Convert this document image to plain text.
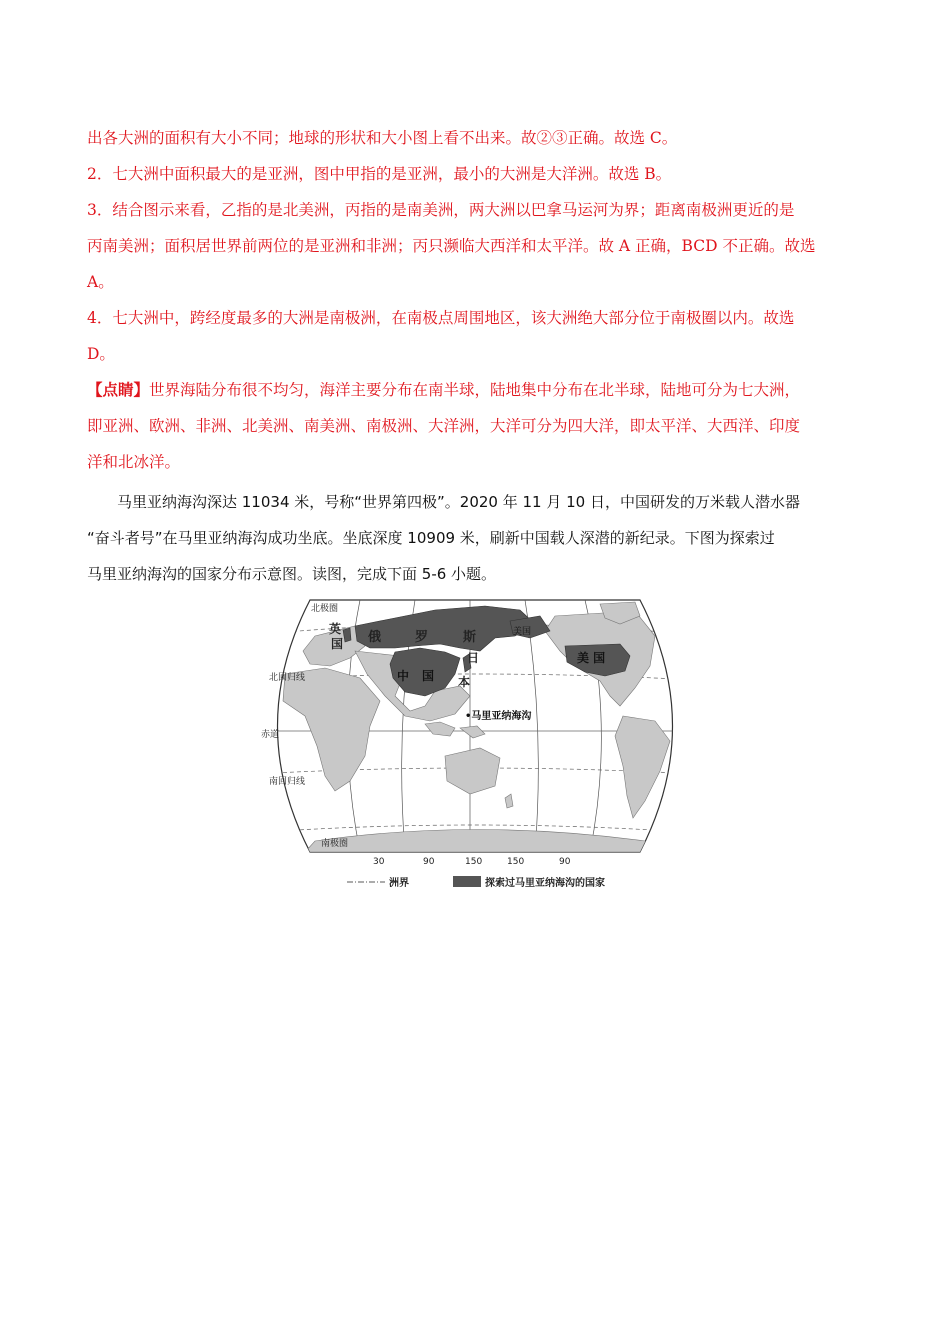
出各大洲的面积有大小不同；地球的形状和大小图上看不出来。故②③正确。故选 C。
2．七大洲中面积最大的是亚洲，图中甲指的是亚洲，最小的大洲是大洋洲。故选 B。
3．结合图示来看，乙指的是北美洲，丙指的是南美洲，两大洲以巴拿马运河为界；距离南极洲更近的是
丙南美洲；面积居世界前两位的是亚洲和非洲；丙只濒临大西洋和太平洋。故 A 正确，BCD 不正确。故选
A。
4．七大洲中，跨经度最多的大洲是南极洲，在南极点周围地区，该大洲绝大部分位于南极圈以内。故选
D。
【点睛】世界海陆分布很不均匀，海洋主要分布在南半球，陆地集中分布在北半球，陆地可分为七大洲，
即亚洲、欧洲、非洲、北美洲、南美洲、南极洲、大洋洲，大洋可分为四大洋，即太平洋、大西洋、印度
洋和北冰洋。
马里亚纳海沟深达 11034 米，号称“世界第四极”。2020 年 11 月 10 日，中国研发的万米载人潜水器
“奋斗者号”在马里亚纳海沟成功坐底。坐底深度 10909 米，刷新中国载人深潜的新纪录。下图为探索过
马里亚纳海沟的国家分布示意图。读图，完成下面 5-6 小题。
北极圈
北回归线
赤道
南回归线
南极圈
英
国 俄	罗	斯
日
本
中 国
美 国
美国
•马里亚纳海沟
30	90	150	150	90
洲界	探索过马里亚纳海沟的国家
